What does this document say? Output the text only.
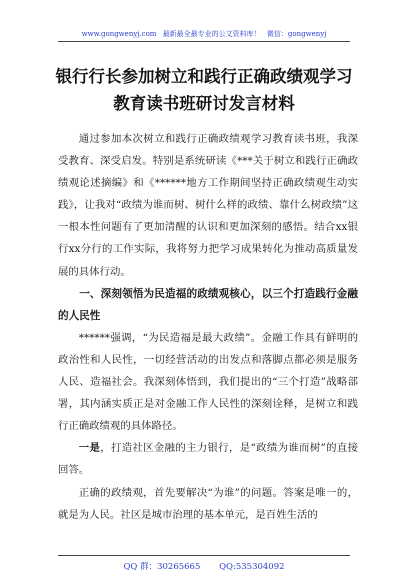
www.gongwenyj.com 最新最全最专业的公文资料库！ 微信：gongwenyj
银行行长参加树立和践行正确政绩观学习
教育读书班研讨发言材料

通过参加本次树立和践行正确政绩观学习教育读书班，我深受教育、深受启发。特别是系统研读《***关于树立和践行正确政绩观论述摘编》和《******地方工作期间坚持正确政绩观生动实践》，让我对“政绩为谁而树、树什么样的政绩、靠什么树政绩”这一根本性问题有了更加清醒的认识和更加深刻的感悟。结合xx银行xx分行的工作实际，我将努力把学习成果转化为推动高质量发展的具体行动。

一、深刻领悟为民造福的政绩观核心，以三个打造践行金融的人民性

******强调，“为民造福是最大政绩”。金融工作具有鲜明的政治性和人民性，一切经营活动的出发点和落脚点都必须是服务人民、造福社会。我深刻体悟到，我们提出的“三个打造”战略部署，其内涵实质正是对金融工作人民性的深刻诠释，是树立和践行正确政绩观的具体路径。

一是，打造社区金融的主力银行，是“政绩为谁而树”的直接回答。

正确的政绩观，首先要解决“为谁”的问题。答案是唯一的，就是为人民。社区是城市治理的基本单元，是百姓生活的

QQ 群：30265665 QQ:535304092
